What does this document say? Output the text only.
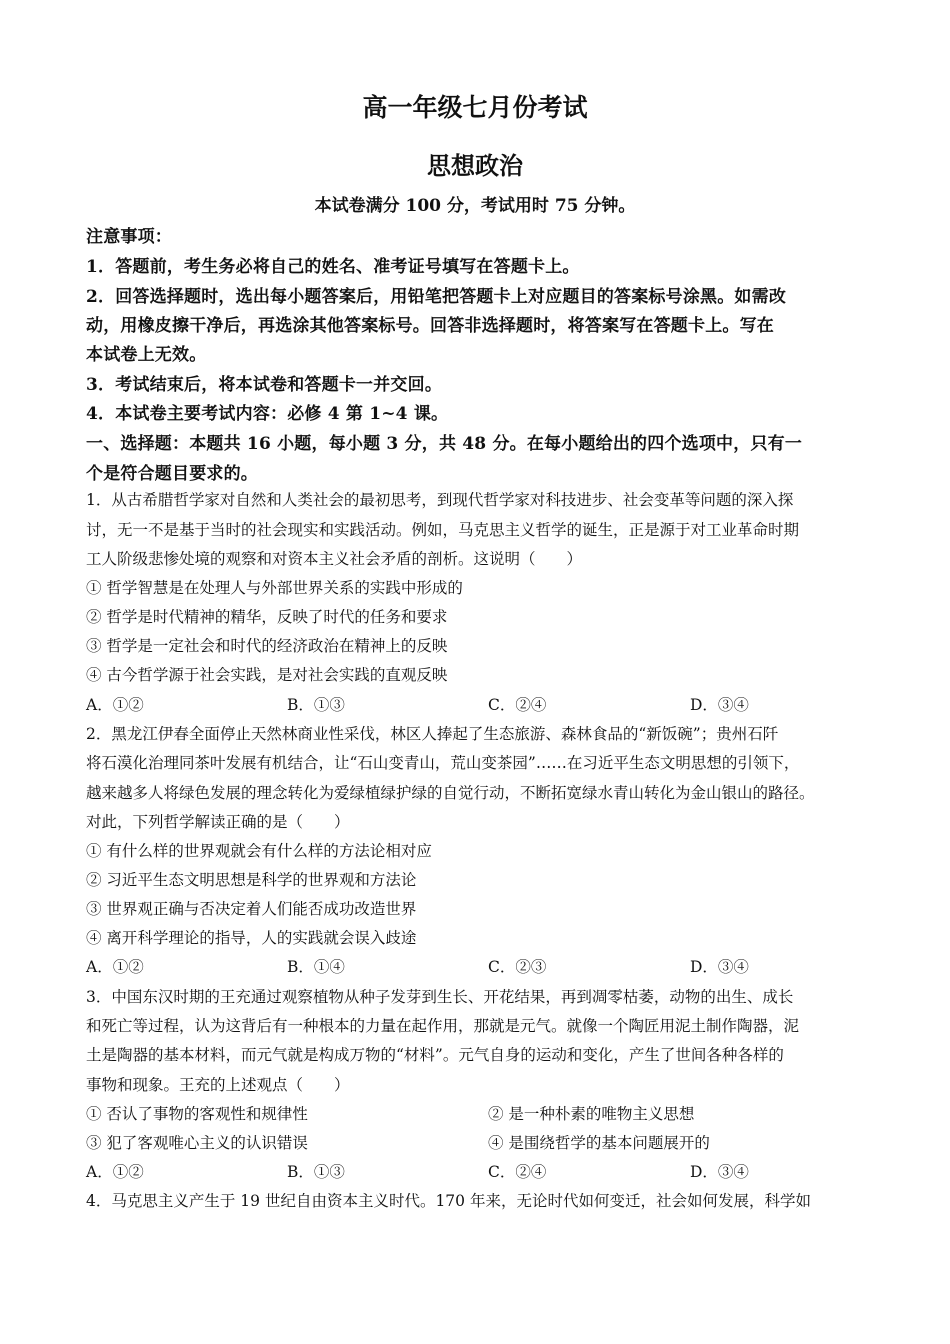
高一年级七月份考试
思想政治
本试卷满分 100 分，考试用时 75 分钟。
注意事项：
1．答题前，考生务必将自己的姓名、准考证号填写在答题卡上。
2．回答选择题时，选出每小题答案后，用铅笔把答题卡上对应题目的答案标号涂黑。如需改
动，用橡皮擦干净后，再选涂其他答案标号。回答非选择题时，将答案写在答题卡上。写在
本试卷上无效。
3．考试结束后，将本试卷和答题卡一并交回。
4．本试卷主要考试内容：必修 4 第 1~4 课。
一、选择题：本题共 16 小题，每小题 3 分，共 48 分。在每小题给出的四个选项中，只有一
个是符合题目要求的。
1．从古希腊哲学家对自然和人类社会的最初思考，到现代哲学家对科技进步、社会变革等问题的深入探
讨，无一不是基于当时的社会现实和实践活动。例如，马克思主义哲学的诞生，正是源于对工业革命时期
工人阶级悲惨处境的观察和对资本主义社会矛盾的剖析。这说明（　　）
① 哲学智慧是在处理人与外部世界关系的实践中形成的
② 哲学是时代精神的精华，反映了时代的任务和要求
③ 哲学是一定社会和时代的经济政治在精神上的反映
④ 古今哲学源于社会实践，是对社会实践的直观反映
A．①②	B．①③	C．②④	D．③④
2．黑龙江伊春全面停止天然林商业性采伐，林区人捧起了生态旅游、森林食品的“新饭碗”；贵州石阡
将石漠化治理同茶叶发展有机结合，让“石山变青山，荒山变茶园”……在习近平生态文明思想的引领下，
越来越多人将绿色发展的理念转化为爱绿植绿护绿的自觉行动，不断拓宽绿水青山转化为金山银山的路径。
对此，下列哲学解读正确的是（　　）
① 有什么样的世界观就会有什么样的方法论相对应
② 习近平生态文明思想是科学的世界观和方法论
③ 世界观正确与否决定着人们能否成功改造世界
④ 离开科学理论的指导，人的实践就会误入歧途
A．①②	B．①④	C．②③	D．③④
3．中国东汉时期的王充通过观察植物从种子发芽到生长、开花结果，再到凋零枯萎，动物的出生、成长
和死亡等过程，认为这背后有一种根本的力量在起作用，那就是元气。就像一个陶匠用泥土制作陶器，泥
土是陶器的基本材料，而元气就是构成万物的“材料”。元气自身的运动和变化，产生了世间各种各样的
事物和现象。王充的上述观点（　　）
① 否认了事物的客观性和规律性	② 是一种朴素的唯物主义思想
③ 犯了客观唯心主义的认识错误	④ 是围绕哲学的基本问题展开的
A．①②	B．①③	C．②④	D．③④
4．马克思主义产生于 19 世纪自由资本主义时代。170 年来，无论时代如何变迁，社会如何发展，科学如
